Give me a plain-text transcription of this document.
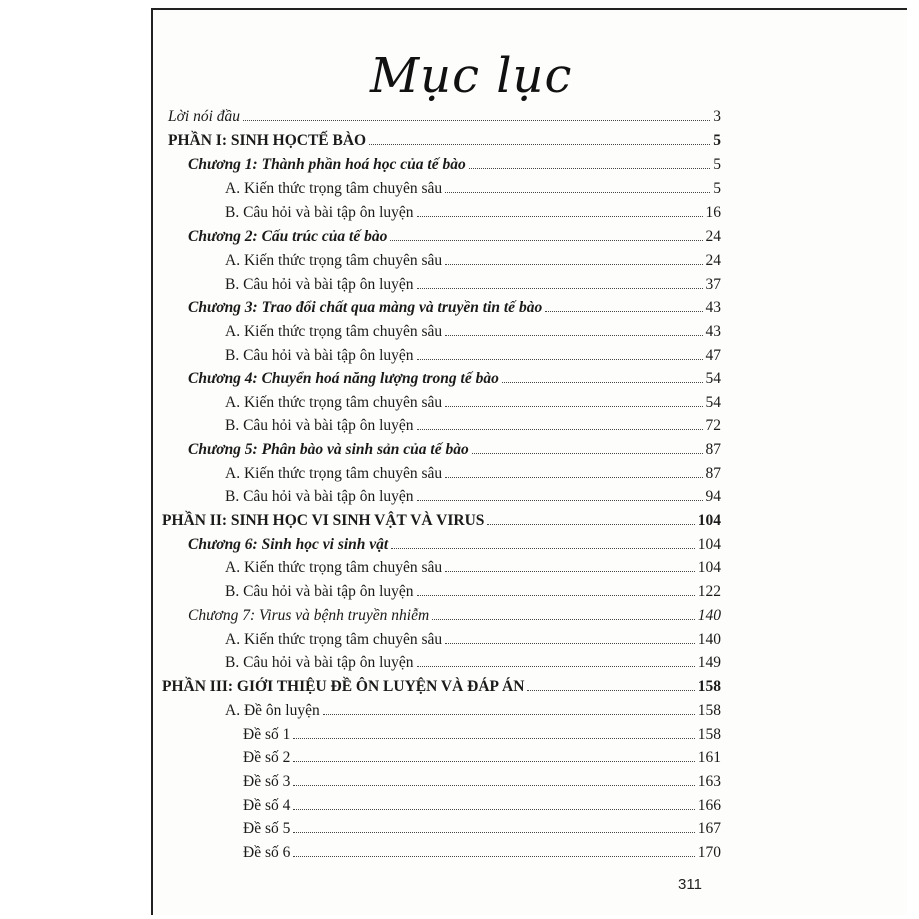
Mục lục
Lời nói đầu	3
PHẦN I: SINH HỌCTẾ BÀO	5
Chương 1: Thành phần hoá học của tế bào	5
A. Kiến thức trọng tâm chuyên sâu	5
B. Câu hỏi và bài tập ôn luyện	16
Chương 2: Cấu trúc của tế bào	24
A. Kiến thức trọng tâm chuyên sâu	24
B. Câu hỏi và bài tập ôn luyện	37
Chương 3: Trao đổi chất qua màng và truyền tin tế bào	43
A. Kiến thức trọng tâm chuyên sâu	43
B. Câu hỏi và bài tập ôn luyện	47
Chương 4: Chuyển hoá năng lượng trong tế bào	54
A. Kiến thức trọng tâm chuyên sâu	54
B. Câu hỏi và bài tập ôn luyện	72
Chương 5: Phân bào và sinh sản của tế bào	87
A. Kiến thức trọng tâm chuyên sâu	87
B. Câu hỏi và bài tập ôn luyện	94
PHẦN II: SINH HỌC VI SINH VẬT VÀ VIRUS	104
Chương 6: Sinh học vi sinh vật	104
A. Kiến thức trọng tâm chuyên sâu	104
B. Câu hỏi và bài tập ôn luyện	122
Chương 7: Virus và bệnh truyền nhiễm	140
A. Kiến thức trọng tâm chuyên sâu	140
B. Câu hỏi và bài tập ôn luyện	149
PHẦN III: GIỚI THIỆU ĐỀ ÔN LUYỆN VÀ ĐÁP ÁN	158
A. Đề ôn luyện	158
Đề số 1	158
Đề số 2	161
Đề số 3	163
Đề số 4	166
Đề số 5	167
Đề số 6	170
311
